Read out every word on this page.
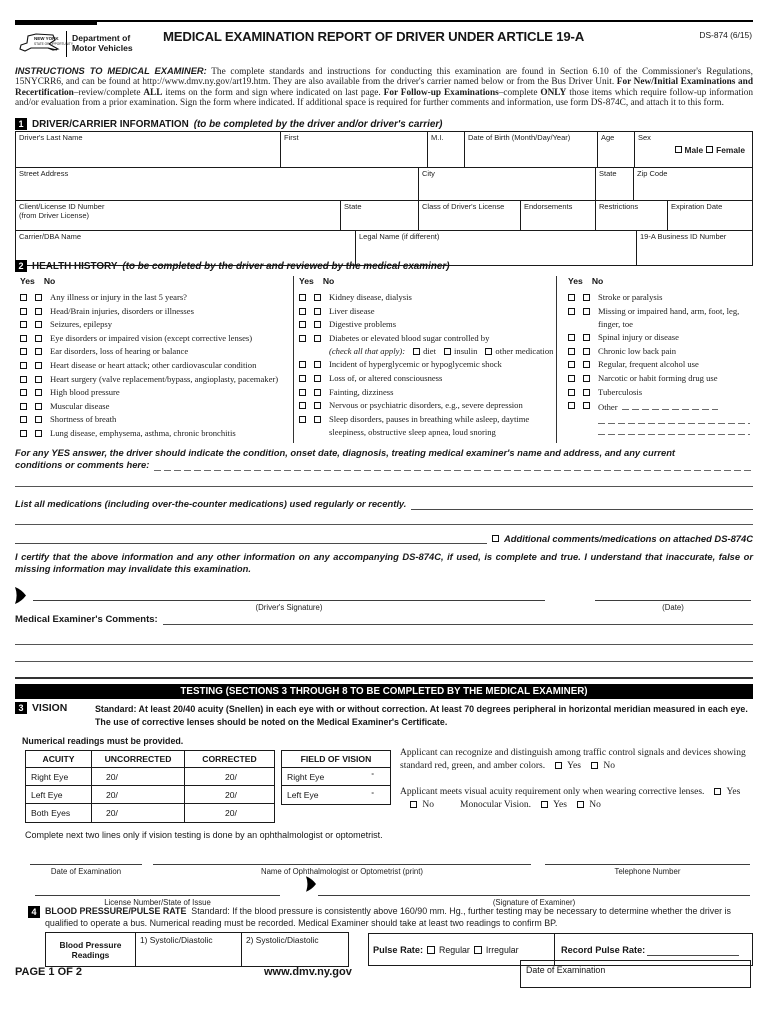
Department of
Motor Vehicles
NEW YORK
STATE OF OPPORTUNITY	MEDICAL EXAMINATION REPORT OF DRIVER UNDER ARTICLE 19-A	DS-874 (6/15)
INSTRUCTIONS TO MEDICAL EXAMINER: The complete standards and instructions for conducting this examination are found in Section 6.10 of the Commissioner's Regulations, 15NYCRR6, and can be found at http://www.dmv.ny.gov/art19.htm. They are also available from the driver's carrier named below or from the Bus Driver Unit. For New/Initial Examinations and Recertification–review/complete ALL items on the form and sign where indicated on last page. For Follow-up Examinations–complete ONLY those items which require follow-up information and/or evaluation from a prior examination. Sign the form where indicated. If additional space is required for further comments and information, use form DS-874C, and attach it to this form.
1 DRIVER/CARRIER INFORMATION (to be completed by the driver and/or driver's carrier)
Driver's Last Name	First	M.I.	Date of Birth (Month/Day/Year)	Age	Sex
Male Female
Street Address	City	State	Zip Code
Client/License ID Number
(from Driver License)
State	Class of Driver's License	Endorsements	Restrictions	Expiration Date
Carrier/DBA Name	Legal Name (if different)	19-A Business ID Number
2 HEALTH HISTORY (to be completed by the driver and reviewed by the medical examiner)
Yes No
Any illness or injury in the last 5 years?
Head/Brain injuries, disorders or illnesses
Seizures, epilepsy
Eye disorders or impaired vision (except corrective lenses)
Ear disorders, loss of hearing or balance
Heart disease or heart attack; other cardiovascular condition
Heart surgery (valve replacement/bypass, angioplasty, pacemaker)
High blood pressure
Muscular disease
Shortness of breath
Lung disease, emphysema, asthma, chronic bronchitis
Yes No
Kidney disease, dialysis
Liver disease
Digestive problems
Diabetes or elevated blood sugar controlled by
(check all that apply): diet insulin other medication
Incident of hyperglycemic or hypoglycemic shock
Loss of, or altered consciousness
Fainting, dizziness
Nervous or psychiatric disorders, e.g., severe depression
Sleep disorders, pauses in breathing while asleep, daytime
sleepiness, obstructive sleep apnea, loud snoring
Yes No
Stroke or paralysis
Missing or impaired hand, arm, foot, leg,
finger, toe
Spinal injury or disease
Chronic low back pain
Regular, frequent alcohol use
Narcotic or habit forming drug use
Tuberculosis
Other
For any YES answer, the driver should indicate the condition, onset date, diagnosis, treating medical examiner's name and address, and any current
conditions or comments here:
List all medications (including over-the-counter medications) used regularly or recently.
Additional comments/medications on attached DS-874C
I certify that the above information and any other information on any accompanying DS-874C, if used, is complete and true. I understand that inaccurate, false or missing information may invalidate this examination.
(Driver's Signature)	(Date)
Medical Examiner's Comments:
TESTING (SECTIONS 3 THROUGH 8 TO BE COMPLETED BY THE MEDICAL EXAMINER)
3 VISION	Standard: At least 20/40 acuity (Snellen) in each eye with or without correction. At least 70 degrees peripheral in horizontal meridian measured in each eye. The use of corrective lenses should be noted on the Medical Examiner's Certificate.
Numerical readings must be provided.
ACUITY	UNCORRECTED	CORRECTED
Right Eye	20/	20/
Left Eye	20/	20/
Both Eyes	20/	20/
FIELD OF VISION
Right Eye	°
Left Eye	°
Applicant can recognize and distinguish among traffic control signals and devices showing standard red, green, and amber colors. Yes No
Applicant meets visual acuity requirement only when wearing corrective lenses. Yes No	Monocular Vision. Yes No
Complete next two lines only if vision testing is done by an ophthalmologist or optometrist.
Date of Examination	Name of Ophthalmologist or Optometrist (print)	Telephone Number
License Number/State of Issue	(Signature of Examiner)
4 BLOOD PRESSURE/PULSE RATE Standard: If the blood pressure is consistently above 160/90 mm. Hg., further testing may be necessary to determine whether the driver is qualified to operate a bus. Numerical reading must be recorded. Medical Examiner should take at least two readings to confirm BP.
Blood Pressure
Readings
1) Systolic/Diastolic	2) Systolic/Diastolic
Pulse Rate: Regular Irregular	Record Pulse Rate:
PAGE 1 OF 2	www.dmv.ny.gov	Date of Examination
